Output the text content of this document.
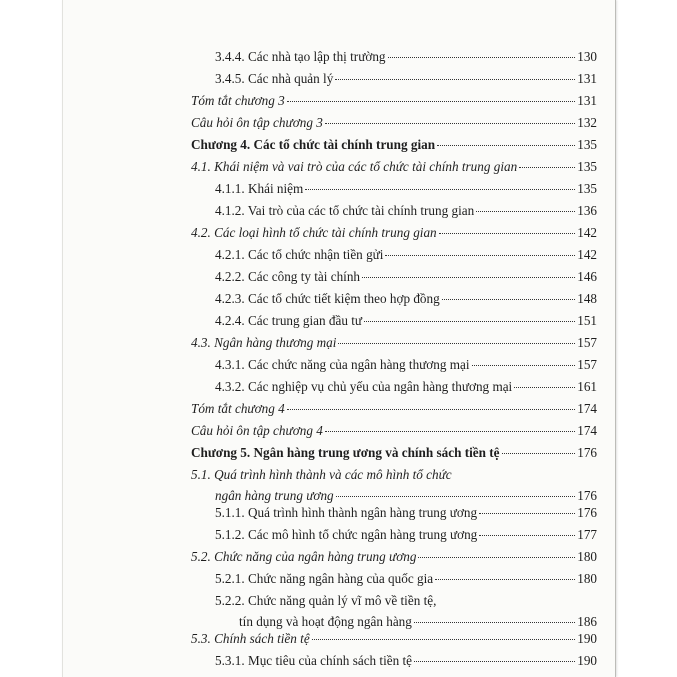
3.4.4. Các nhà tạo lập thị trường	130
3.4.5. Các nhà quản lý	131
Tóm tắt chương 3	131
Câu hỏi ôn tập chương 3	132
Chương 4. Các tổ chức tài chính trung gian	135
4.1. Khái niệm và vai trò của các tổ chức tài chính trung gian	135
4.1.1. Khái niệm	135
4.1.2. Vai trò của các tổ chức tài chính trung gian	136
4.2. Các loại hình tổ chức tài chính trung gian	142
4.2.1. Các tổ chức nhận tiền gửi	142
4.2.2. Các công ty tài chính	146
4.2.3. Các tổ chức tiết kiệm theo hợp đồng	148
4.2.4. Các trung gian đầu tư	151
4.3. Ngân hàng thương mại	157
4.3.1. Các chức năng của ngân hàng thương mại	157
4.3.2. Các nghiệp vụ chủ yếu của ngân hàng thương mại	161
Tóm tắt chương 4	174
Câu hỏi ôn tập chương 4	174
Chương 5. Ngân hàng trung ương và chính sách tiền tệ	176
5.1. Quá trình hình thành và các mô hình tổ chức
ngân hàng trung ương	176
5.1.1. Quá trình hình thành ngân hàng trung ương	176
5.1.2. Các mô hình tổ chức ngân hàng trung ương	177
5.2. Chức năng của ngân hàng trung ương	180
5.2.1. Chức năng ngân hàng của quốc gia	180
5.2.2. Chức năng quản lý vĩ mô về tiền tệ,
tín dụng và hoạt động ngân hàng	186
5.3. Chính sách tiền tệ	190
5.3.1. Mục tiêu của chính sách tiền tệ	190
